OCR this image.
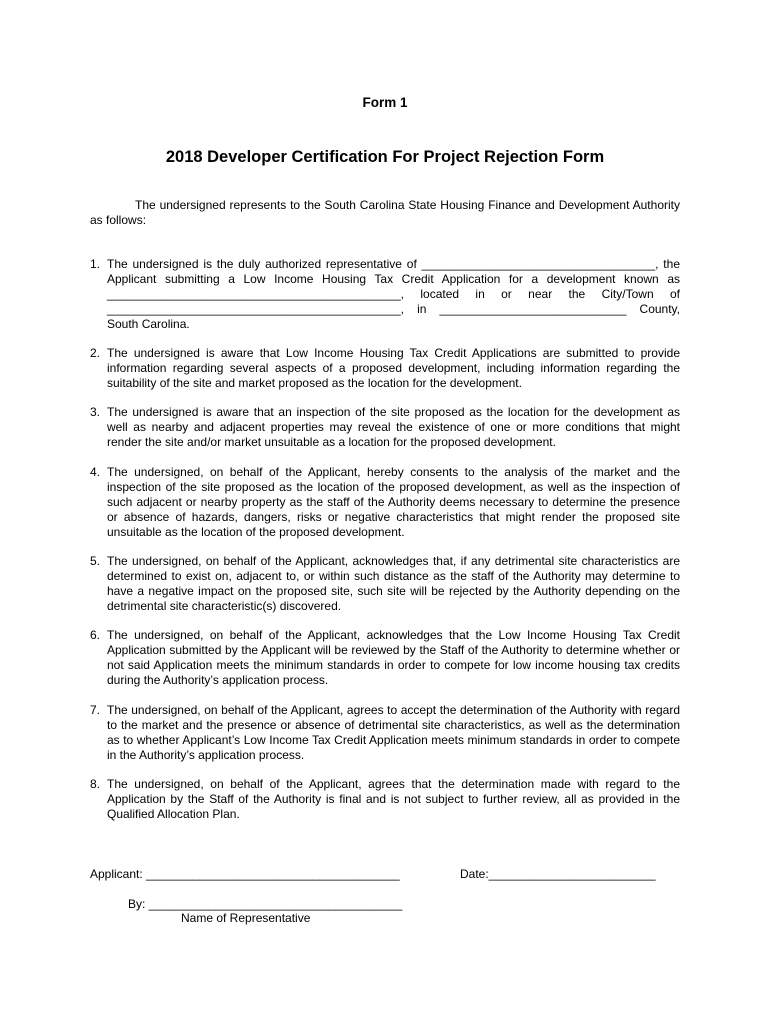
Form 1
2018 Developer Certification For Project Rejection Form
The undersigned represents to the South Carolina State Housing Finance and Development Authority as follows:
1. The undersigned is the duly authorized representative of ___________________________________, the Applicant submitting a Low Income Housing Tax Credit Application for a development known as ____________________________________________, located in or near the City/Town of ____________________________________________, in ____________________________ County, South Carolina.
2. The undersigned is aware that Low Income Housing Tax Credit Applications are submitted to provide information regarding several aspects of a proposed development, including information regarding the suitability of the site and market proposed as the location for the development.
3. The undersigned is aware that an inspection of the site proposed as the location for the development as well as nearby and adjacent properties may reveal the existence of one or more conditions that might render the site and/or market unsuitable as a location for the proposed development.
4. The undersigned, on behalf of the Applicant, hereby consents to the analysis of the market and the inspection of the site proposed as the location of the proposed development, as well as the inspection of such adjacent or nearby property as the staff of the Authority deems necessary to determine the presence or absence of hazards, dangers, risks or negative characteristics that might render the proposed site unsuitable as the location of the proposed development.
5. The undersigned, on behalf of the Applicant, acknowledges that, if any detrimental site characteristics are determined to exist on, adjacent to, or within such distance as the staff of the Authority may determine to have a negative impact on the proposed site, such site will be rejected by the Authority depending on the detrimental site characteristic(s) discovered.
6. The undersigned, on behalf of the Applicant, acknowledges that the Low Income Housing Tax Credit Application submitted by the Applicant will be reviewed by the Staff of the Authority to determine whether or not said Application meets the minimum standards in order to compete for low income housing tax credits during the Authority’s application process.
7. The undersigned, on behalf of the Applicant, agrees to accept the determination of the Authority with regard to the market and the presence or absence of detrimental site characteristics, as well as the determination as to whether Applicant’s Low Income Tax Credit Application meets minimum standards in order to compete in the Authority’s application process.
8. The undersigned, on behalf of the Applicant, agrees that the determination made with regard to the Application by the Staff of the Authority is final and is not subject to further review, all as provided in the Qualified Allocation Plan.
Applicant: ______________________________________	Date:_________________________
By: ______________________________________
Name of Representative
